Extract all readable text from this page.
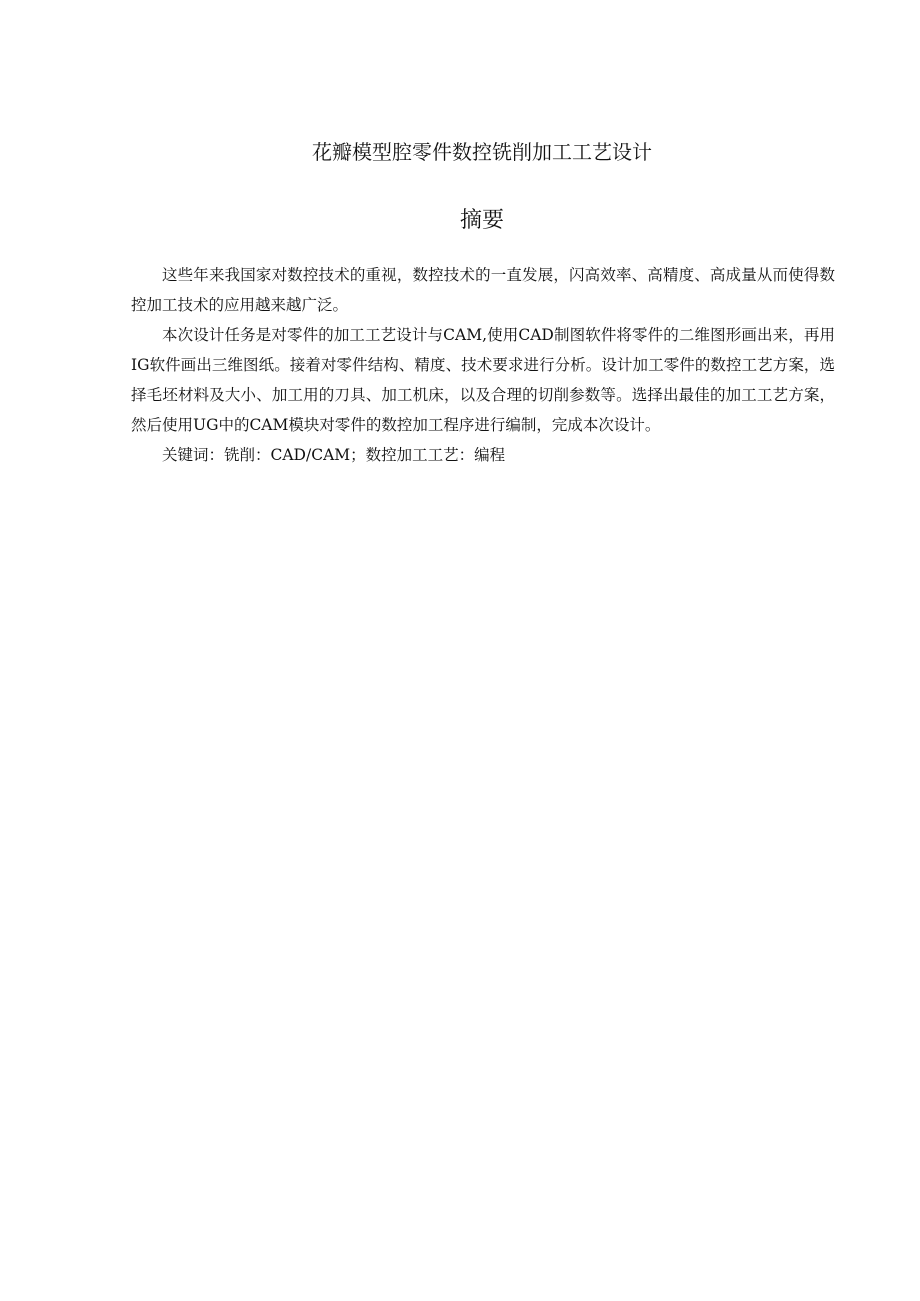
花瓣模型腔零件数控铣削加工工艺设计
摘要

这些年来我国家对数控技术的重视，数控技术的一直发展，闪高效率、高精度、高成量从而使得数控加工技术的应用越来越广泛。

本次设计任务是对零件的加工工艺设计与CAM,使用CAD制图软件将零件的二维图形画出来，再用IG软件画出三维图纸。接着对零件结构、精度、技术要求进行分析。设计加工零件的数控工艺方案，选择毛坯材料及大小、加工用的刀具、加工机床，以及合理的切削参数等。选择出最佳的加工工艺方案，然后使用UG中的CAM模块对零件的数控加工程序进行编制，完成本次设计。

关键词：铣削：CAD/CAM；数控加工工艺：编程
